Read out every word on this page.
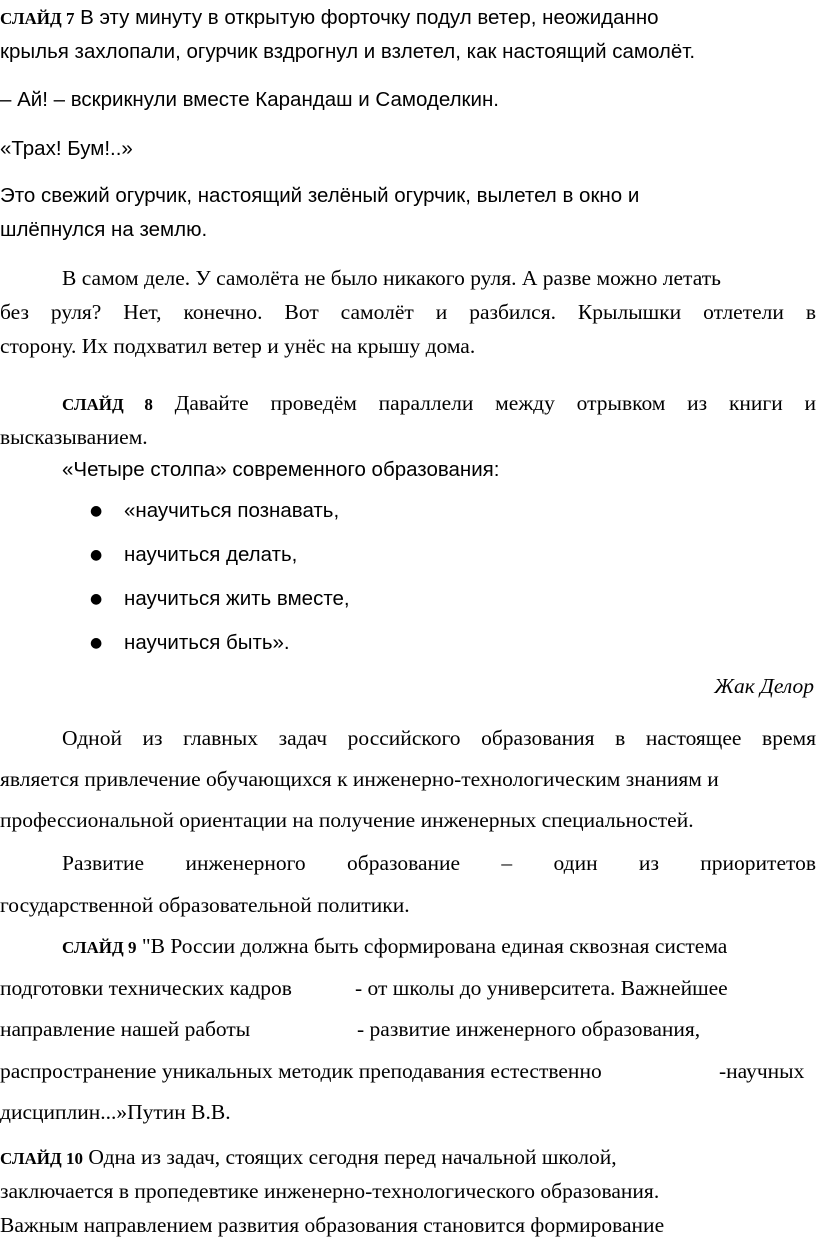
СЛАЙД 7 В эту минуту в открытую форточку подул ветер, неожиданно
крылья захлопали, огурчик вздрогнул и взлетел, как настоящий самолёт.
– Ай! – вскрикнули вместе Карандаш и Самоделкин.
«Трах! Бум!..»
Это свежий огурчик, настоящий зелёный огурчик, вылетел в окно и
шлёпнулся на землю.
В самом деле. У самолёта не было никакого руля. А разве можно летать
без руля? Нет, конечно. Вот самолёт и разбился. Крылышки отлетели в
сторону. Их подхватил ветер и унёс на крышу дома.
СЛАЙД 8 Давайте проведём параллели между отрывком из книги и
высказыванием.
«Четыре столпа» современного образования:
● «научиться познавать,
● научиться делать,
● научиться жить вместе,
● научиться быть».
Жак Делор
Одной из главных задач российского образования в настоящее время
является привлечение обучающихся к инженерно-технологическим знаниям и
профессиональной ориентации на получение инженерных специальностей.
Развитие инженерного образование – один из приоритетов
государственной образовательной политики.
СЛАЙД 9 "В России должна быть сформирована единая сквозная система
подготовки технических кадров	- от школы до университета. Важнейшее
направление нашей работы	- развитие инженерного образования,
распространение уникальных методик преподавания естественно	-научных
дисциплин...»Путин В.В.
СЛАЙД 10 Одна из задач, стоящих сегодня перед начальной школой,
заключается в пропедевтике инженерно-технологического образования.
Важным направлением развития образования становится формирование
